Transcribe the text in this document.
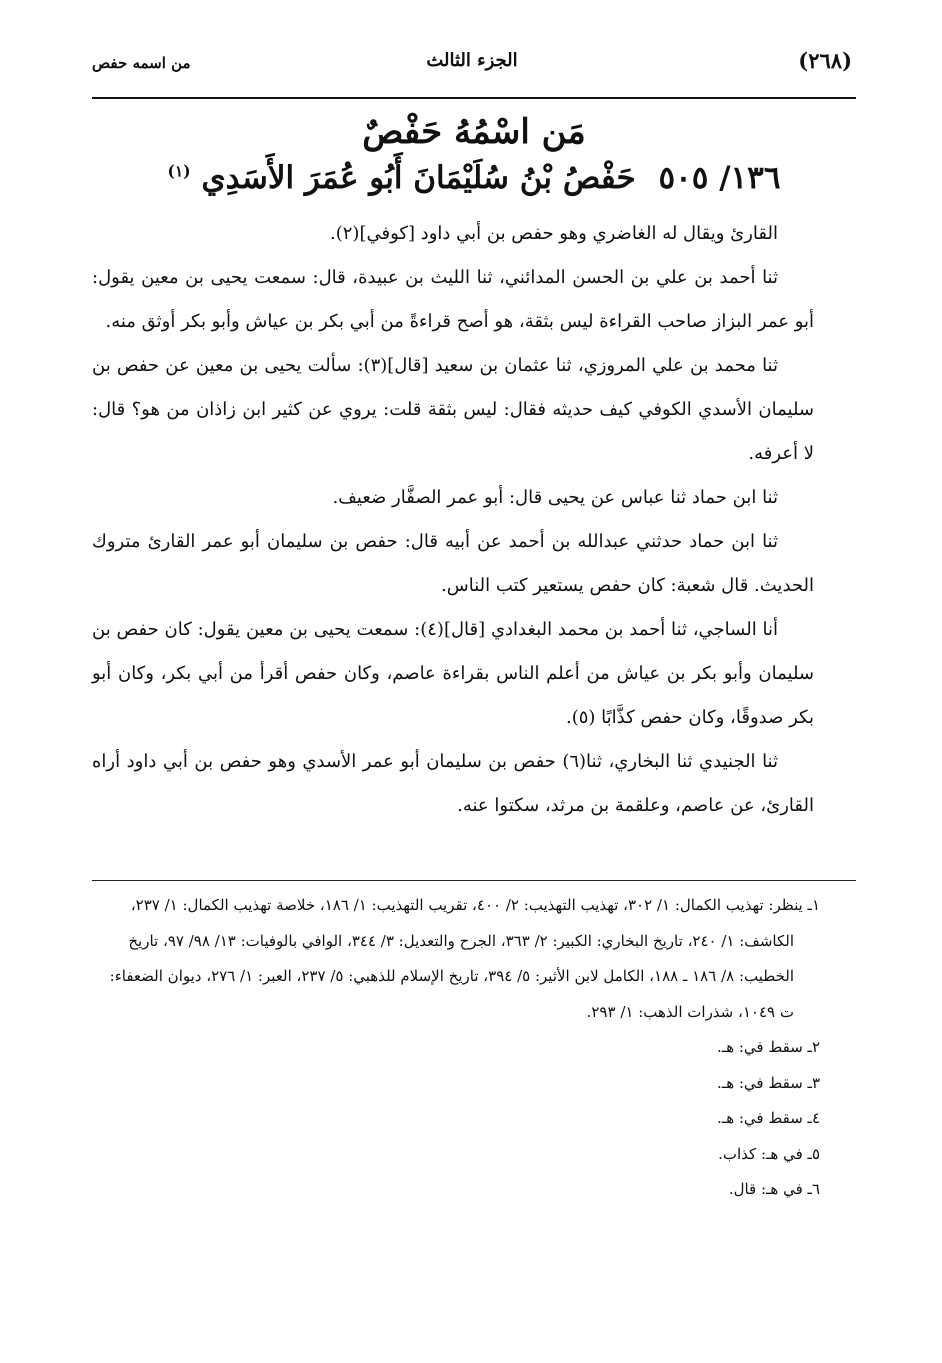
(٢٦٨)
الجزء الثالث
من اسمه حفص
مَن اسْمُهُ حَفْصٌ
١٣٦/ ٥٠٥ حَفْصُ بْنُ سُلَيْمَانَ أَبُو عُمَرَ الأَسَدِي $^{(١)}$

القارئ ويقال له الغاضري وهو حفص بن أبي داود [كوفي](٢).

ثنا أحمد بن علي بن الحسن المدائني، ثنا الليث بن عبيدة، قال: سمعت يحيى بن معين يقول: أبو عمر البزاز صاحب القراءة ليس بثقة، هو أصح قراءةً من أبي بكر بن عياش وأبو بكر أوثق منه.

ثنا محمد بن علي المروزي، ثنا عثمان بن سعيد [قال](٣): سألت يحيى بن معين عن حفص بن سليمان الأسدي الكوفي كيف حديثه فقال: ليس بثقة قلت: يروي عن كثير ابن زاذان من هو؟ قال: لا أعرفه.

ثنا ابن حماد ثنا عباس عن يحيى قال: أبو عمر الصفَّار ضعيف.

ثنا ابن حماد حدثني عبدالله بن أحمد عن أبيه قال: حفص بن سليمان أبو عمر القارئ متروك الحديث. قال شعبة: كان حفص يستعير كتب الناس.

أنا الساجي، ثنا أحمد بن محمد البغدادي [قال](٤): سمعت يحيى بن معين يقول: كان حفص بن سليمان وأبو بكر بن عياش من أعلم الناس بقراءة عاصم، وكان حفص أقرأ من أبي بكر، وكان أبو بكر صدوقًا، وكان حفص كذَّابًا (٥).

ثنا الجنيدي ثنا البخاري، ثنا(٦) حفص بن سليمان أبو عمر الأسدي وهو حفص بن أبي داود أراه القارئ، عن عاصم، وعلقمة بن مرثد، سكتوا عنه.

١ـ ينظر: تهذيب الكمال: ١/ ٣٠٢، تهذيب التهذيب: ٢/ ٤٠٠، تقريب التهذيب: ١/ ١٨٦، خلاصة تهذيب الكمال: ١/ ٢٣٧، الكاشف: ١/ ٢٤٠، تاريخ البخاري: الكبير: ٢/ ٣٦٣، الجرح والتعديل: ٣/ ٣٤٤، الوافي بالوفيات: ١٣/ ٩٨/ ٩٧، تاريخ الخطيب: ٨/ ١٨٦ ـ ١٨٨، الكامل لابن الأثير: ٥/ ٣٩٤، تاريخ الإسلام للذهبي: ٥/ ٢٣٧، العبر: ١/ ٢٧٦، ديوان الضعفاء: ت ١٠٤٩، شذرات الذهب: ١/ ٢٩٣.

٢ـ سقط في: هـ.

٣ـ سقط في: هـ.

٤ـ سقط في: هـ.

٥ـ في هـ: كذاب.

٦ـ في هـ: قال.
